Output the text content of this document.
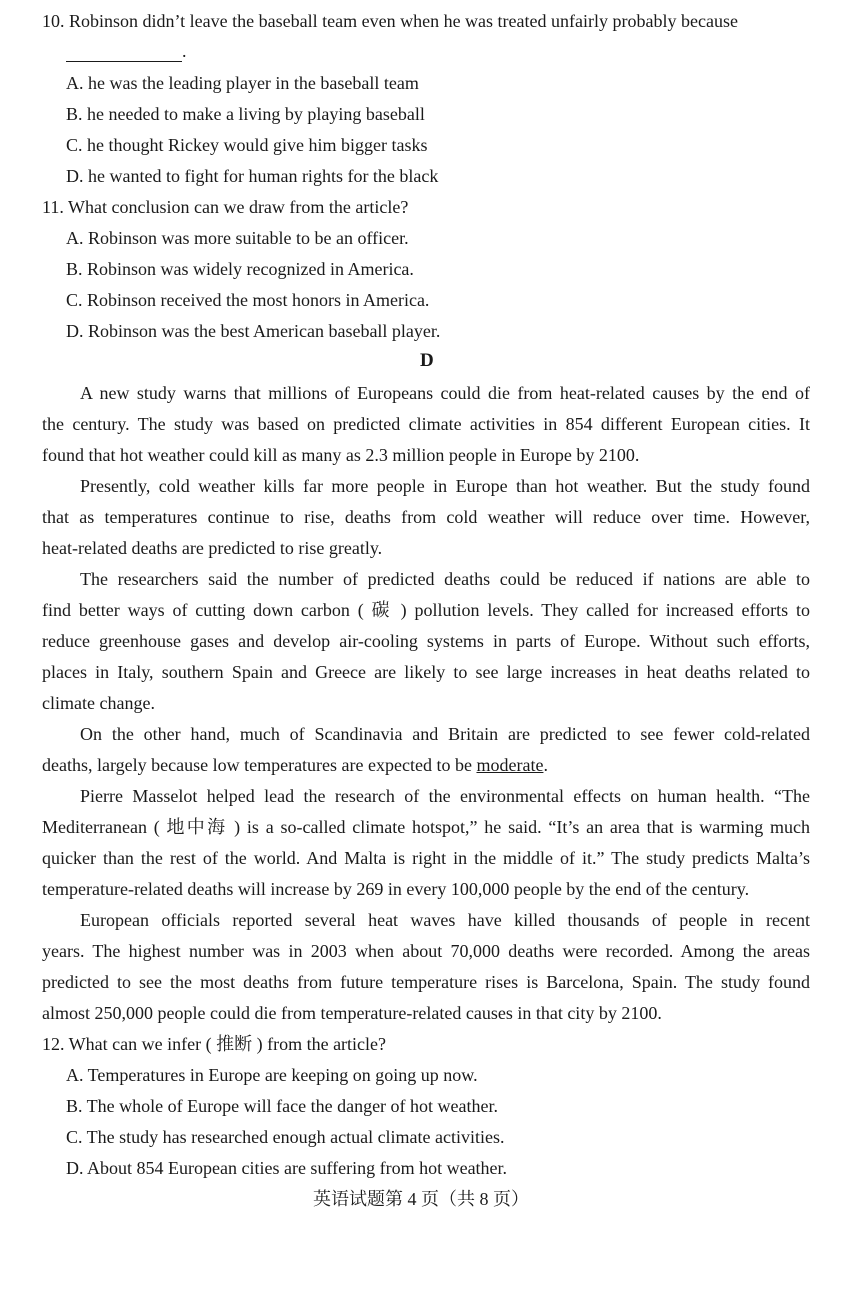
10. Robinson didn’t leave the baseball team even when he was treated unfairly probably because
.
A. he was the leading player in the baseball team
B. he needed to make a living by playing baseball
C. he thought Rickey would give him bigger tasks
D. he wanted to fight for human rights for the black
11. What conclusion can we draw from the article?
A. Robinson was more suitable to be an officer.
B. Robinson was widely recognized in America.
C. Robinson received the most honors in America.
D. Robinson was the best American baseball player.
D
A new study warns that millions of Europeans could die from heat-related causes by the end of
the century. The study was based on predicted climate activities in 854 different European cities. It
found that hot weather could kill as many as 2.3 million people in Europe by 2100.
Presently, cold weather kills far more people in Europe than hot weather. But the study found
that as temperatures continue to rise, deaths from cold weather will reduce over time. However,
heat-related deaths are predicted to rise greatly.
The researchers said the number of predicted deaths could be reduced if nations are able to
find better ways of cutting down carbon ( 碳 ) pollution levels. They called for increased efforts to
reduce greenhouse gases and develop air-cooling systems in parts of Europe. Without such efforts,
places in Italy, southern Spain and Greece are likely to see large increases in heat deaths related to
climate change.
On the other hand, much of Scandinavia and Britain are predicted to see fewer cold-related
deaths, largely because low temperatures are expected to be moderate.
Pierre Masselot helped lead the research of the environmental effects on human health. “The
Mediterranean ( 地中海 ) is a so-called climate hotspot,” he said. “It’s an area that is warming much
quicker than the rest of the world. And Malta is right in the middle of it.” The study predicts Malta’s
temperature-related deaths will increase by 269 in every 100,000 people by the end of the century.
European officials reported several heat waves have killed thousands of people in recent
years. The highest number was in 2003 when about 70,000 deaths were recorded. Among the areas
predicted to see the most deaths from future temperature rises is Barcelona, Spain. The study found
almost 250,000 people could die from temperature-related causes in that city by 2100.
12. What can we infer ( 推断 ) from the article?
A. Temperatures in Europe are keeping on going up now.
B. The whole of Europe will face the danger of hot weather.
C. The study has researched enough actual climate activities.
D. About 854 European cities are suffering from hot weather.
英语试题第 4 页（共 8 页）
